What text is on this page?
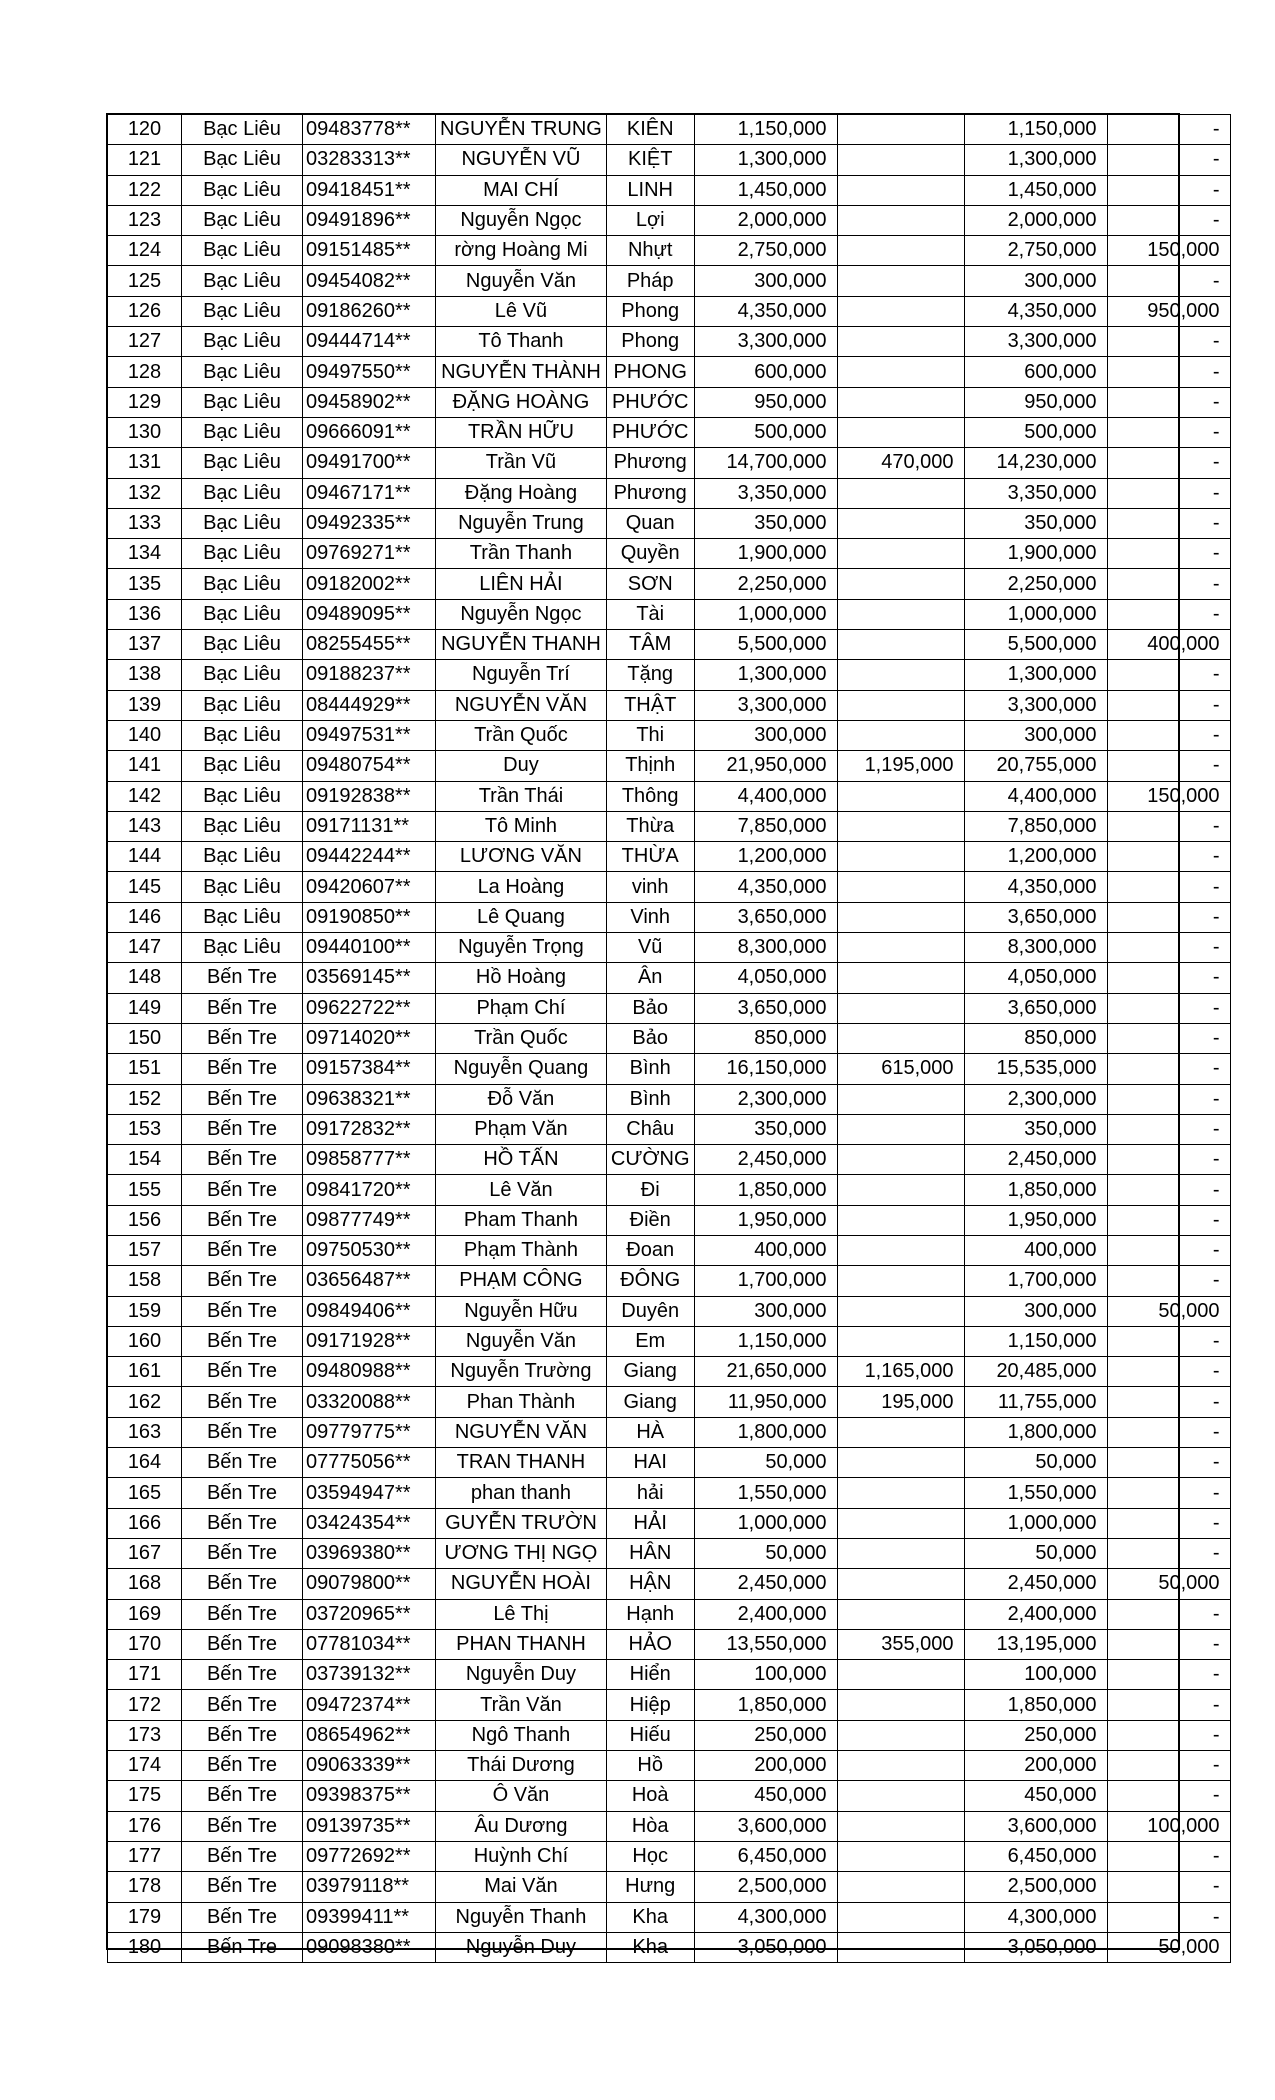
120	Bạc Liêu	09483778**	NGUYỄN TRUNG	KIÊN	1,150,000		1,150,000	-
121	Bạc Liêu	03283313**	NGUYỄN VŨ	KIỆT	1,300,000		1,300,000	-
122	Bạc Liêu	09418451**	MAI CHÍ	LINH	1,450,000		1,450,000	-
123	Bạc Liêu	09491896**	Nguyễn Ngọc	Lợi	2,000,000		2,000,000	-
124	Bạc Liêu	09151485**	rờng Hoàng Mi	Nhựt	2,750,000		2,750,000	150,000
125	Bạc Liêu	09454082**	Nguyễn Văn	Pháp	300,000		300,000	-
126	Bạc Liêu	09186260**	Lê Vũ	Phong	4,350,000		4,350,000	950,000
127	Bạc Liêu	09444714**	Tô Thanh	Phong	3,300,000		3,300,000	-
128	Bạc Liêu	09497550**	NGUYỄN THÀNH	PHONG	600,000		600,000	-
129	Bạc Liêu	09458902**	ĐẶNG HOÀNG	PHƯỚC	950,000		950,000	-
130	Bạc Liêu	09666091**	TRẦN HỮU	PHƯỚC	500,000		500,000	-
131	Bạc Liêu	09491700**	Trần Vũ	Phương	14,700,000	470,000	14,230,000	-
132	Bạc Liêu	09467171**	Đặng Hoàng	Phương	3,350,000		3,350,000	-
133	Bạc Liêu	09492335**	Nguyễn Trung	Quan	350,000		350,000	-
134	Bạc Liêu	09769271**	Trần Thanh	Quyền	1,900,000		1,900,000	-
135	Bạc Liêu	09182002**	LIÊN HẢI	SƠN	2,250,000		2,250,000	-
136	Bạc Liêu	09489095**	Nguyễn Ngọc	Tài	1,000,000		1,000,000	-
137	Bạc Liêu	08255455**	NGUYỄN THANH	TÂM	5,500,000		5,500,000	400,000
138	Bạc Liêu	09188237**	Nguyễn Trí	Tặng	1,300,000		1,300,000	-
139	Bạc Liêu	08444929**	NGUYỄN VĂN	THẬT	3,300,000		3,300,000	-
140	Bạc Liêu	09497531**	Trần Quốc	Thi	300,000		300,000	-
141	Bạc Liêu	09480754**	Duy	Thịnh	21,950,000	1,195,000	20,755,000	-
142	Bạc Liêu	09192838**	Trần Thái	Thông	4,400,000		4,400,000	150,000
143	Bạc Liêu	09171131**	Tô Minh	Thừa	7,850,000		7,850,000	-
144	Bạc Liêu	09442244**	LƯƠNG VĂN	THỪA	1,200,000		1,200,000	-
145	Bạc Liêu	09420607**	La Hoàng	vinh	4,350,000		4,350,000	-
146	Bạc Liêu	09190850**	Lê Quang	Vinh	3,650,000		3,650,000	-
147	Bạc Liêu	09440100**	Nguyễn Trọng	Vũ	8,300,000		8,300,000	-
148	Bến Tre	03569145**	Hồ Hoàng	Ân	4,050,000		4,050,000	-
149	Bến Tre	09622722**	Phạm Chí	Bảo	3,650,000		3,650,000	-
150	Bến Tre	09714020**	Trần Quốc	Bảo	850,000		850,000	-
151	Bến Tre	09157384**	Nguyễn Quang	Bình	16,150,000	615,000	15,535,000	-
152	Bến Tre	09638321**	Đỗ Văn	Bình	2,300,000		2,300,000	-
153	Bến Tre	09172832**	Phạm Văn	Châu	350,000		350,000	-
154	Bến Tre	09858777**	HỒ TẤN	CƯỜNG	2,450,000		2,450,000	-
155	Bến Tre	09841720**	Lê Văn	Đi	1,850,000		1,850,000	-
156	Bến Tre	09877749**	Pham Thanh	Điền	1,950,000		1,950,000	-
157	Bến Tre	09750530**	Phạm Thành	Đoan	400,000		400,000	-
158	Bến Tre	03656487**	PHẠM CÔNG	ĐÔNG	1,700,000		1,700,000	-
159	Bến Tre	09849406**	Nguyễn Hữu	Duyên	300,000		300,000	50,000
160	Bến Tre	09171928**	Nguyễn Văn	Em	1,150,000		1,150,000	-
161	Bến Tre	09480988**	Nguyễn Trường	Giang	21,650,000	1,165,000	20,485,000	-
162	Bến Tre	03320088**	Phan Thành	Giang	11,950,000	195,000	11,755,000	-
163	Bến Tre	09779775**	NGUYỄN VĂN	HÀ	1,800,000		1,800,000	-
164	Bến Tre	07775056**	TRAN THANH	HAI	50,000		50,000	-
165	Bến Tre	03594947**	phan thanh	hải	1,550,000		1,550,000	-
166	Bến Tre	03424354**	GUYỄN TRƯỜN	HẢI	1,000,000		1,000,000	-
167	Bến Tre	03969380**	ƯƠNG THỊ NGỌ	HÂN	50,000		50,000	-
168	Bến Tre	09079800**	NGUYỄN HOÀI	HẬN	2,450,000		2,450,000	50,000
169	Bến Tre	03720965**	Lê Thị	Hạnh	2,400,000		2,400,000	-
170	Bến Tre	07781034**	PHAN THANH	HẢO	13,550,000	355,000	13,195,000	-
171	Bến Tre	03739132**	Nguyễn Duy	Hiển	100,000		100,000	-
172	Bến Tre	09472374**	Trần Văn	Hiệp	1,850,000		1,850,000	-
173	Bến Tre	08654962**	Ngô Thanh	Hiếu	250,000		250,000	-
174	Bến Tre	09063339**	Thái Dương	Hồ	200,000		200,000	-
175	Bến Tre	09398375**	Ô Văn	Hoà	450,000		450,000	-
176	Bến Tre	09139735**	Âu Dương	Hòa	3,600,000		3,600,000	100,000
177	Bến Tre	09772692**	Huỳnh Chí	Học	6,450,000		6,450,000	-
178	Bến Tre	03979118**	Mai Văn	Hưng	2,500,000		2,500,000	-
179	Bến Tre	09399411**	Nguyễn Thanh	Kha	4,300,000		4,300,000	-
180	Bến Tre	09098380**	Nguyễn Duy	Kha	3,050,000		3,050,000	50,000
